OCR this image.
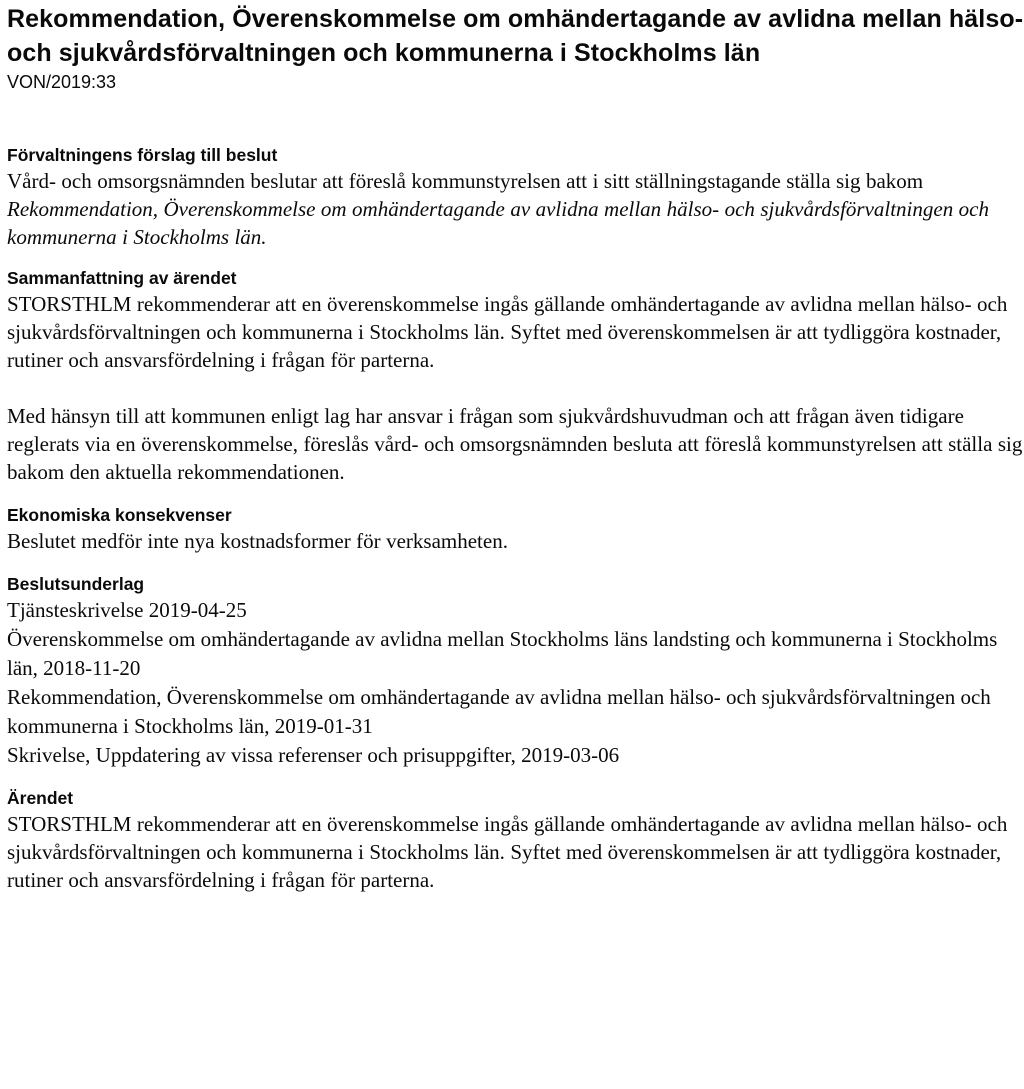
Rekommendation, Överenskommelse om omhändertagande av avlidna mellan hälso- och sjukvårdsförvaltningen och kommunerna i Stockholms län

VON/2019:33

Förvaltningens förslag till beslut

Vård- och omsorgsnämnden beslutar att föreslå kommunstyrelsen att i sitt ställningstagande ställa sig bakom Rekommendation, Överenskommelse om omhändertagande av avlidna mellan hälso- och sjukvårdsförvaltningen och kommunerna i Stockholms län.

Sammanfattning av ärendet

STORSTHLM rekommenderar att en överenskommelse ingås gällande omhändertagande av avlidna mellan hälso- och sjukvårdsförvaltningen och kommunerna i Stockholms län. Syftet med överenskommelsen är att tydliggöra kostnader, rutiner och ansvarsfördelning i frågan för parterna.

Med hänsyn till att kommunen enligt lag har ansvar i frågan som sjukvårdshuvudman och att frågan även tidigare reglerats via en överenskommelse, föreslås vård- och omsorgsnämnden besluta att föreslå kommunstyrelsen att ställa sig bakom den aktuella rekommendationen.

Ekonomiska konsekvenser

Beslutet medför inte nya kostnadsformer för verksamheten.

Beslutsunderlag

Tjänsteskrivelse 2019-04-25

Överenskommelse om omhändertagande av avlidna mellan Stockholms läns landsting och kommunerna i Stockholms län, 2018-11-20

Rekommendation, Överenskommelse om omhändertagande av avlidna mellan hälso- och sjukvårdsförvaltningen och kommunerna i Stockholms län, 2019-01-31

Skrivelse, Uppdatering av vissa referenser och prisuppgifter, 2019-03-06

Ärendet

STORSTHLM rekommenderar att en överenskommelse ingås gällande omhändertagande av avlidna mellan hälso- och sjukvårdsförvaltningen och kommunerna i Stockholms län. Syftet med överenskommelsen är att tydliggöra kostnader, rutiner och ansvarsfördelning i frågan för parterna.
